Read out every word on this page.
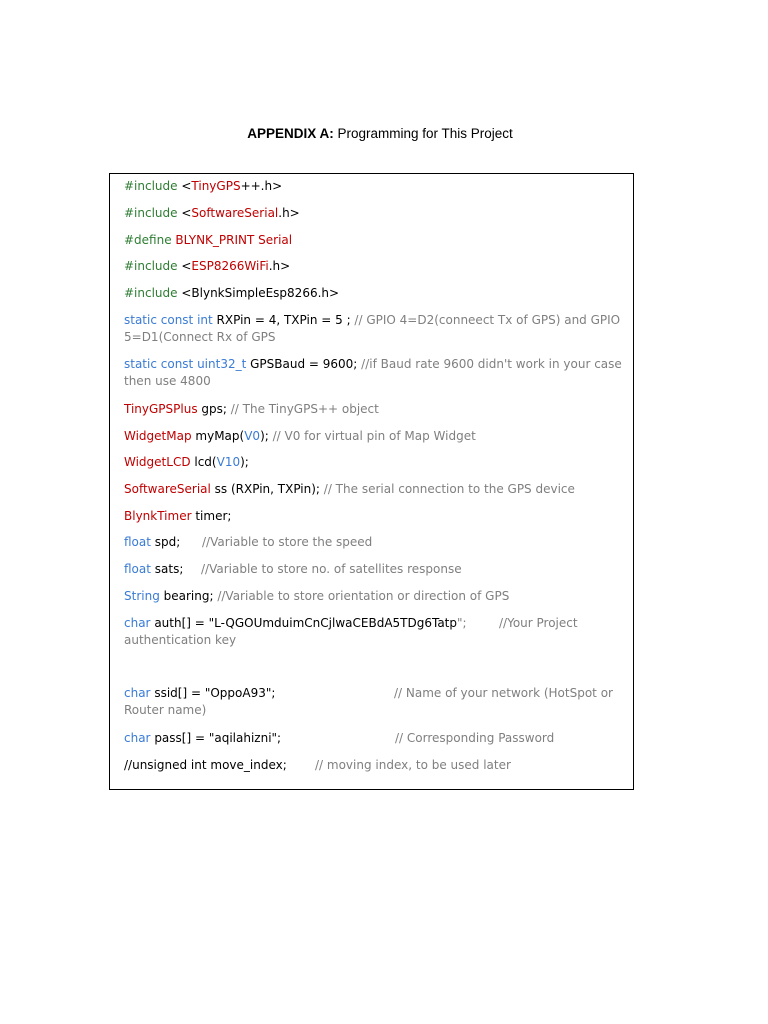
APPENDIX A: Programming for This Project
#include <TinyGPS++.h>
#include <SoftwareSerial.h>
#define BLYNK_PRINT Serial
#include <ESP8266WiFi.h>
#include <BlynkSimpleEsp8266.h>
static const int RXPin = 4, TXPin = 5 ; // GPIO 4=D2(conneect Tx of GPS) and GPIO 5=D1(Connect Rx of GPS
static const uint32_t GPSBaud = 9600; //if Baud rate 9600 didn't work in your case then use 4800
TinyGPSPlus gps; // The TinyGPS++ object
WidgetMap myMap(V0); // V0 for virtual pin of Map Widget
WidgetLCD lcd(V10);
SoftwareSerial ss (RXPin, TXPin); // The serial connection to the GPS device
BlynkTimer timer;
float spd; //Variable to store the speed
float sats; //Variable to store no. of satellites response
String bearing; //Variable to store orientation or direction of GPS
char auth[] = "L-QGOUmduimCnCjlwaCEBdA5TDg6Tatp";	//Your Project authentication key
char ssid[] = "OppoA93";	// Name of your network (HotSpot or Router name)
char pass[] = "aqilahizni";	// Corresponding Password
//unsigned int move_index; // moving index, to be used later
